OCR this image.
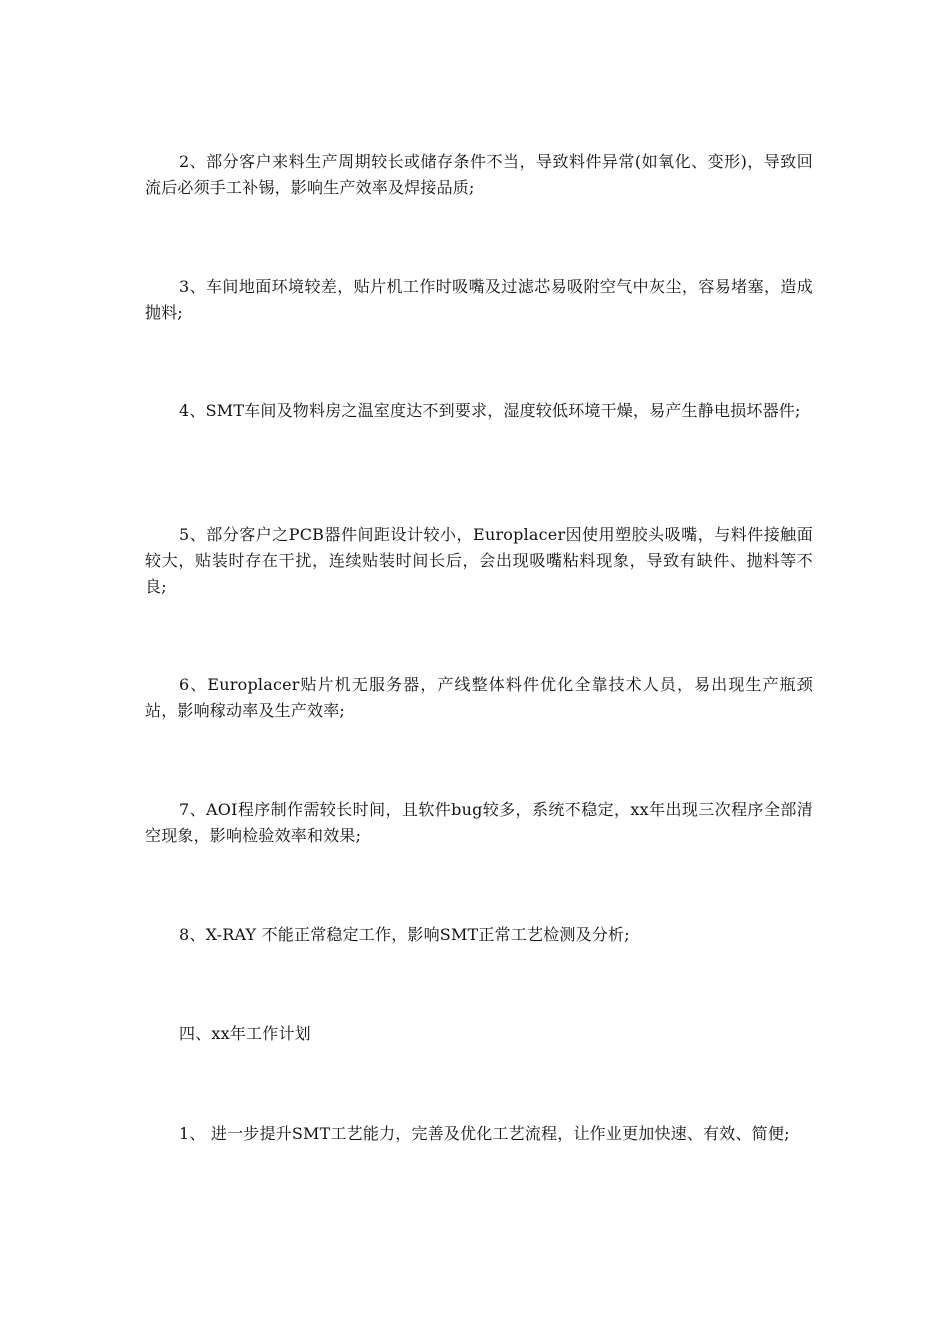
2、部分客户来料生产周期较长或储存条件不当，导致料件异常(如氧化、变形)，导致回流后必须手工补锡，影响生产效率及焊接品质;

3、车间地面环境较差，贴片机工作时吸嘴及过滤芯易吸附空气中灰尘，容易堵塞，造成抛料;

4、SMT车间及物料房之温室度达不到要求，湿度较低环境干燥，易产生静电损坏器件;

5、部分客户之PCB器件间距设计较小，Europlacer因使用塑胶头吸嘴，与料件接触面较大，贴装时存在干扰，连续贴装时间长后，会出现吸嘴粘料现象，导致有缺件、抛料等不良;

6、Europlacer贴片机无服务器，产线整体料件优化全靠技术人员，易出现生产瓶颈站，影响稼动率及生产效率;

7、AOI程序制作需较长时间，且软件bug较多，系统不稳定，xx年出现三次程序全部清空现象，影响检验效率和效果;

8、X-RAY 不能正常稳定工作，影响SMT正常工艺检测及分析;

四、xx年工作计划

1、 进一步提升SMT工艺能力，完善及优化工艺流程，让作业更加快速、有效、简便;
